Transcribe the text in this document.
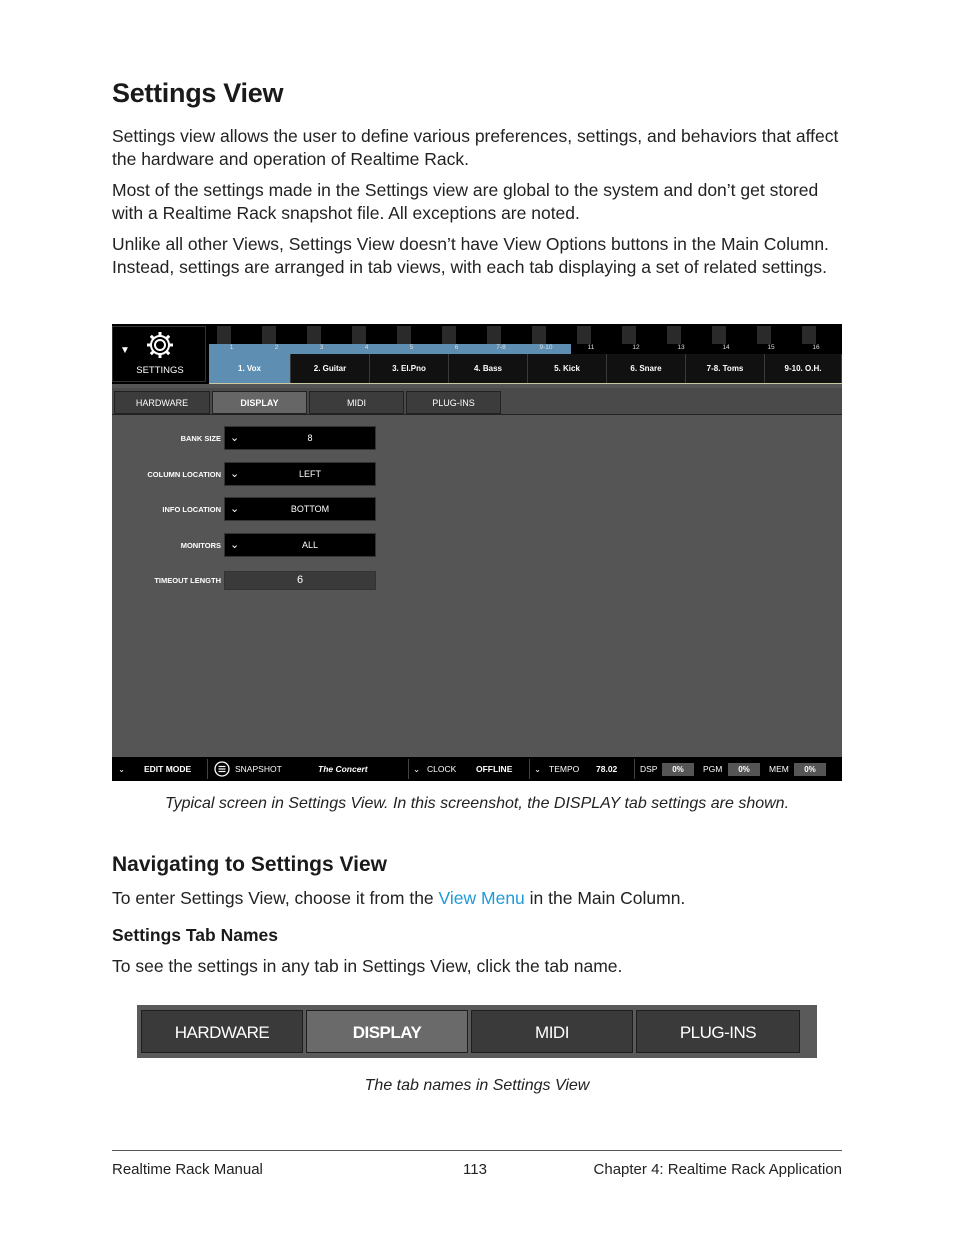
Settings View

Settings view allows the user to define various preferences, settings, and behaviors that affect the hardware and operation of Realtime Rack.

Most of the settings made in the Settings view are global to the system and don’t get stored with a Realtime Rack snapshot file. All exceptions are noted.

Unlike all other Views, Settings View doesn’t have View Options buttons in the Main Column. Instead, settings are arranged in tab views, with each tab displaying a set of related settings.

▼
SETTINGS
1	2	3	4	5	6	7-8	9-10	11	12	13	14	15	16
1. Vox	2. Guitar	3. El.Pno	4. Bass	5. Kick	6. Snare	7-8. Toms	9-10. O.H.
HARDWARE	DISPLAY	MIDI	PLUG-INS
BANK SIZE ⌄	8
COLUMN LOCATION ⌄	LEFT
INFO LOCATION ⌄	BOTTOM
MONITORS ⌄	ALL
TIMEOUT LENGTH	6
⌄ EDIT MODE	SNAPSHOT	The Concert	⌄ CLOCK OFFLINE	⌄ TEMPO 78.02	DSP	0%	PGM	0%	MEM	0%

Typical screen in Settings View. In this screenshot, the DISPLAY tab settings are shown.

Navigating to Settings View

To enter Settings View, choose it from the View Menu in the Main Column.

Settings Tab Names

To see the settings in any tab in Settings View, click the tab name.

HARDWARE	DISPLAY	MIDI	PLUG-INS

The tab names in Settings View

Realtime Rack Manual	113	Chapter 4: Realtime Rack Application
